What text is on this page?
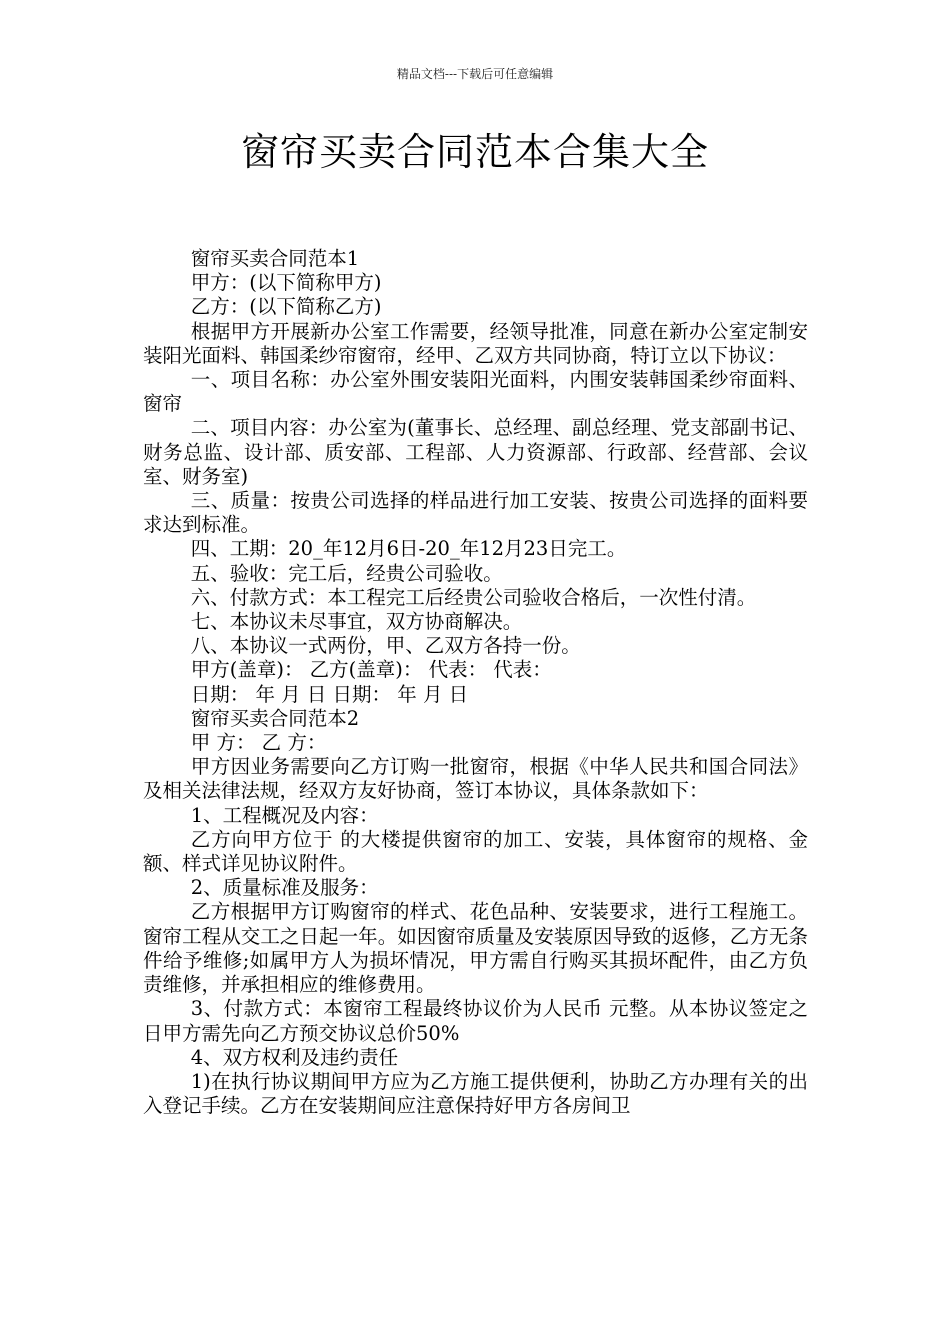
精品文档---下载后可任意编辑
窗帘买卖合同范本合集大全

窗帘买卖合同范本1

甲方：(以下简称甲方)

乙方：(以下简称乙方)

根据甲方开展新办公室工作需要，经领导批准，同意在新办公室定制安装阳光面料、韩国柔纱帘窗帘，经甲、乙双方共同协商，特订立以下协议：

一、项目名称：办公室外围安装阳光面料，内围安装韩国柔纱帘面料、窗帘

二、项目内容：办公室为(董事长、总经理、副总经理、党支部副书记、财务总监、设计部、质安部、工程部、人力资源部、行政部、经营部、会议室、财务室)

三、质量：按贵公司选择的样品进行加工安装、按贵公司选择的面料要求达到标准。

四、工期：20_年12月6日-20_年12月23日完工。

五、验收：完工后，经贵公司验收。

六、付款方式：本工程完工后经贵公司验收合格后，一次性付清。

七、本协议未尽事宜，双方协商解决。

八、本协议一式两份，甲、乙双方各持一份。

甲方(盖章)： 乙方(盖章)： 代表： 代表：

日期： 年 月 日 日期： 年 月 日

窗帘买卖合同范本2

甲 方： 乙 方：

甲方因业务需要向乙方订购一批窗帘，根据《中华人民共和国合同法》及相关法律法规，经双方友好协商，签订本协议，具体条款如下：

1、工程概况及内容：

乙方向甲方位于 的大楼提供窗帘的加工、安装，具体窗帘的规格、金额、样式详见协议附件。

2、质量标准及服务：

乙方根据甲方订购窗帘的样式、花色品种、安装要求，进行工程施工。窗帘工程从交工之日起一年。如因窗帘质量及安装原因导致的返修，乙方无条件给予维修;如属甲方人为损坏情况，甲方需自行购买其损坏配件，由乙方负责维修，并承担相应的维修费用。

3、付款方式：本窗帘工程最终协议价为人民币 元整。从本协议签定之日甲方需先向乙方预交协议总价50%

4、双方权利及违约责任

1)在执行协议期间甲方应为乙方施工提供便利，协助乙方办理有关的出入登记手续。乙方在安装期间应注意保持好甲方各房间卫
